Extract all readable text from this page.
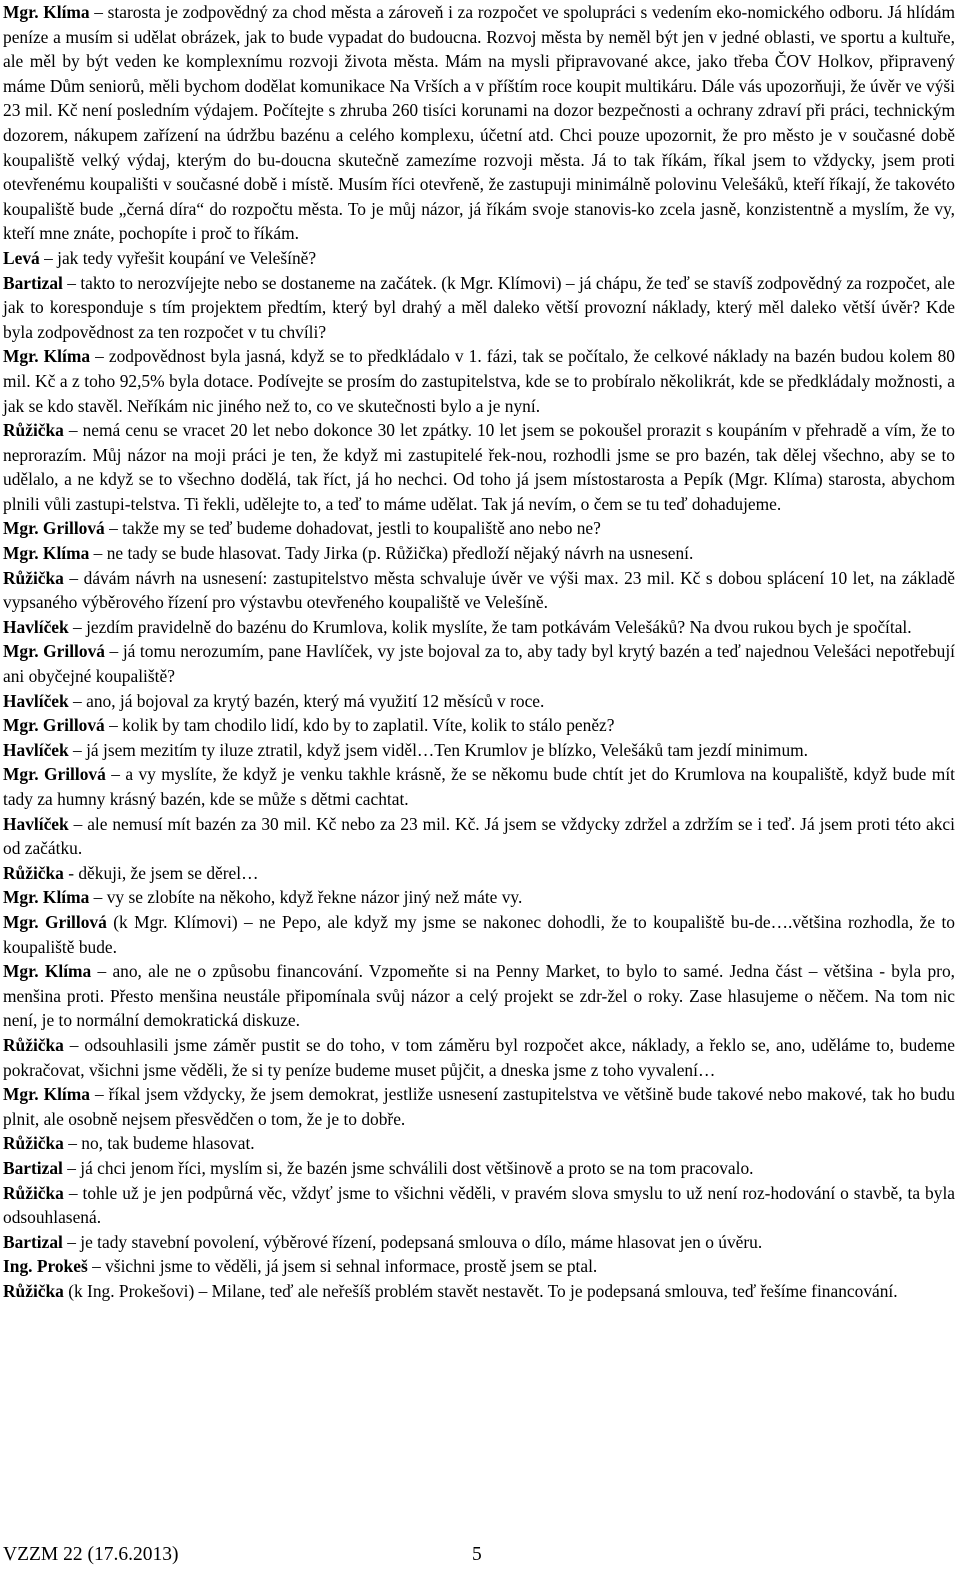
Mgr. Klíma – starosta je zodpovědný za chod města a zároveň i za rozpočet ve spolupráci s vedením eko-nomického odboru. Já hlídám peníze a musím si udělat obrázek, jak to bude vypadat do budoucna. Rozvoj města by neměl být jen v jedné oblasti, ve sportu a kultuře, ale měl by být veden ke komplexnímu rozvoji života města. Mám na mysli připravované akce, jako třeba ČOV Holkov, připravený máme Dům seniorů, měli bychom dodělat komunikace Na Vrších a v příštím roce koupit multikáru. Dále vás upozorňuji, že úvěr ve výši 23 mil. Kč není posledním výdajem. Počítejte s zhruba 260 tisíci korunami na dozor bezpečnosti a ochrany zdraví při práci, technickým dozorem, nákupem zařízení na údržbu bazénu a celého komplexu, účetní atd. Chci pouze upozornit, že pro město je v současné době koupaliště velký výdaj, kterým do bu-doucna skutečně zamezíme rozvoji města. Já to tak říkám, říkal jsem to vždycky, jsem proti otevřenému koupališti v současné době i místě. Musím říci otevřeně, že zastupuji minimálně polovinu Velešáků, kteří říkají, že takovéto koupaliště bude „černá díra“ do rozpočtu města. To je můj názor, já říkám svoje stanovis-ko zcela jasně, konzistentně a myslím, že vy, kteří mne znáte, pochopíte i proč to říkám.

Levá – jak tedy vyřešit koupání ve Velešíně?

Bartizal – takto to nerozvíjejte nebo se dostaneme na začátek. (k Mgr. Klímovi) – já chápu, že teď se stavíš zodpovědný za rozpočet, ale jak to koresponduje s tím projektem předtím, který byl drahý a měl daleko větší provozní náklady, který měl daleko větší úvěr? Kde byla zodpovědnost za ten rozpočet v tu chvíli?

Mgr. Klíma – zodpovědnost byla jasná, když se to předkládalo v 1. fázi, tak se počítalo, že celkové náklady na bazén budou kolem 80 mil. Kč a z toho 92,5% byla dotace. Podívejte se prosím do zastupitelstva, kde se to probíralo několikrát, kde se předkládaly možnosti, a jak se kdo stavěl. Neříkám nic jiného než to, co ve skutečnosti bylo a je nyní.

Růžička – nemá cenu se vracet 20 let nebo dokonce 30 let zpátky. 10 let jsem se pokoušel prorazit s koupáním v přehradě a vím, že to neprorazím. Můj názor na moji práci je ten, že když mi zastupitelé řek-nou, rozhodli jsme se pro bazén, tak dělej všechno, aby se to udělalo, a ne když se to všechno dodělá, tak říct, já ho nechci. Od toho já jsem místostarosta a Pepík (Mgr. Klíma) starosta, abychom plnili vůli zastupi-telstva. Ti řekli, udělejte to, a teď to máme udělat. Tak já nevím, o čem se tu teď dohadujeme.

Mgr. Grillová – takže my se teď budeme dohadovat, jestli to koupaliště ano nebo ne?

Mgr. Klíma – ne tady se bude hlasovat. Tady Jirka (p. Růžička) předloží nějaký návrh na usnesení.

Růžička – dávám návrh na usnesení: zastupitelstvo města schvaluje úvěr ve výši max. 23 mil. Kč s dobou splácení 10 let, na základě vypsaného výběrového řízení pro výstavbu otevřeného koupaliště ve Velešíně.

Havlíček – jezdím pravidelně do bazénu do Krumlova, kolik myslíte, že tam potkávám Velešáků? Na dvou rukou bych je spočítal.

Mgr. Grillová – já tomu nerozumím, pane Havlíček, vy jste bojoval za to, aby tady byl krytý bazén a teď najednou Velešáci nepotřebují ani obyčejné koupaliště?

Havlíček – ano, já bojoval za krytý bazén, který má využití 12 měsíců v roce.

Mgr. Grillová – kolik by tam chodilo lidí, kdo by to zaplatil. Víte, kolik to stálo peněz?

Havlíček – já jsem mezitím ty iluze ztratil, když jsem viděl…Ten Krumlov je blízko, Velešáků tam jezdí minimum.

Mgr. Grillová – a vy myslíte, že když je venku takhle krásně, že se někomu bude chtít jet do Krumlova na koupaliště, když bude mít tady za humny krásný bazén, kde se může s dětmi cachtat.

Havlíček – ale nemusí mít bazén za 30 mil. Kč nebo za 23 mil. Kč. Já jsem se vždycky zdržel a zdržím se i teď. Já jsem proti této akci od začátku.

Růžička - děkuji, že jsem se děrel…

Mgr. Klíma – vy se zlobíte na někoho, když řekne názor jiný než máte vy.

Mgr. Grillová (k Mgr. Klímovi) – ne Pepo, ale když my jsme se nakonec dohodli, že to koupaliště bu-de….většina rozhodla, že to koupaliště bude.

Mgr. Klíma – ano, ale ne o způsobu financování. Vzpomeňte si na Penny Market, to bylo to samé. Jedna část – většina - byla pro, menšina proti. Přesto menšina neustále připomínala svůj názor a celý projekt se zdr-žel o roky. Zase hlasujeme o něčem. Na tom nic není, je to normální demokratická diskuze.

Růžička – odsouhlasili jsme záměr pustit se do toho, v tom záměru byl rozpočet akce, náklady, a řeklo se, ano, uděláme to, budeme pokračovat, všichni jsme věděli, že si ty peníze budeme muset půjčit, a dneska jsme z toho vyvalení…

Mgr. Klíma – říkal jsem vždycky, že jsem demokrat, jestliže usnesení zastupitelstva ve většině bude takové nebo makové, tak ho budu plnit, ale osobně nejsem přesvědčen o tom, že je to dobře.

Růžička – no, tak budeme hlasovat.

Bartizal – já chci jenom říci, myslím si, že bazén jsme schválili dost většinově a proto se na tom pracovalo.

Růžička – tohle už je jen podpůrná věc, vždyť jsme to všichni věděli, v pravém slova smyslu to už není roz-hodování o stavbě, ta byla odsouhlasená.

Bartizal – je tady stavební povolení, výběrové řízení, podepsaná smlouva o dílo, máme hlasovat jen o úvěru.

Ing. Prokeš – všichni jsme to věděli, já jsem si sehnal informace, prostě jsem se ptal.

Růžička (k Ing. Prokešovi) – Milane, teď ale neřešíš problém stavět nestavět. To je podepsaná smlouva, teď řešíme financování.

VZZM 22 (17.6.2013)	5
